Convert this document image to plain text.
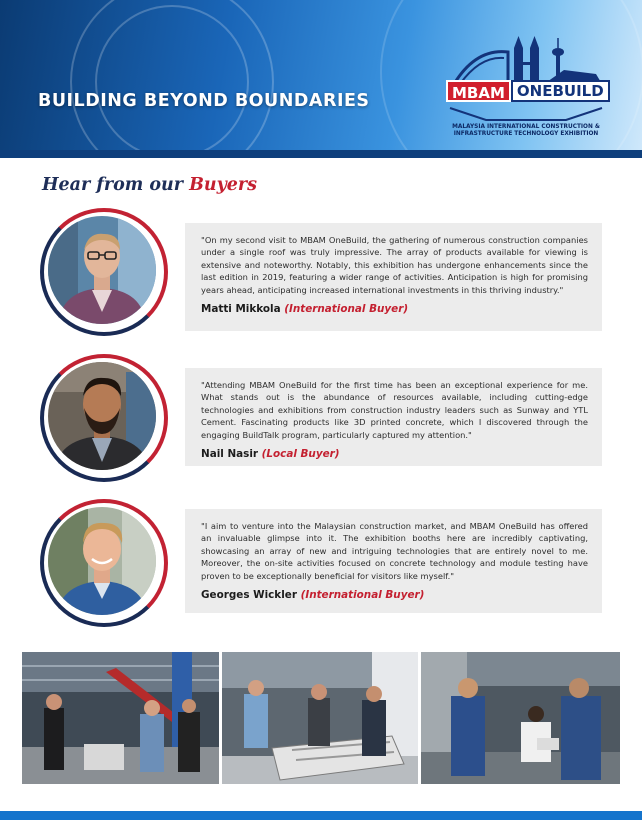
BUILDING BEYOND BOUNDARIES	MBAM ONEBUILD
MALAYSIA INTERNATIONAL CONSTRUCTION &
INFRASTRUCTURE TECHNOLOGY EXHIBITION
Hear from our Buyers
"On my second visit to MBAM OneBuild, the gathering of numerous construction companies under a single roof was truly impressive. The array of products available for viewing is extensive and noteworthy. Notably, this exhibition has undergone enhancements since the last edition in 2019, featuring a wider range of activities. Anticipation is high for promising years ahead, anticipating increased international investments in this thriving industry."
Matti Mikkola (International Buyer)
"Attending MBAM OneBuild for the first time has been an exceptional experience for me. What stands out is the abundance of resources available, including cutting-edge technologies and exhibitions from construction industry leaders such as Sunway and YTL Cement. Fascinating products like 3D printed concrete, which I discovered through the engaging BuildTalk program, particularly captured my attention."
Nail Nasir (Local Buyer)
"I aim to venture into the Malaysian construction market, and MBAM OneBuild has offered an invaluable glimpse into it. The exhibition booths here are incredibly captivating, showcasing an array of new and intriguing technologies that are entirely novel to me. Moreover, the on-site activities focused on concrete technology and module testing have proven to be exceptionally beneficial for visitors like myself."
Georges Wickler (International Buyer)
